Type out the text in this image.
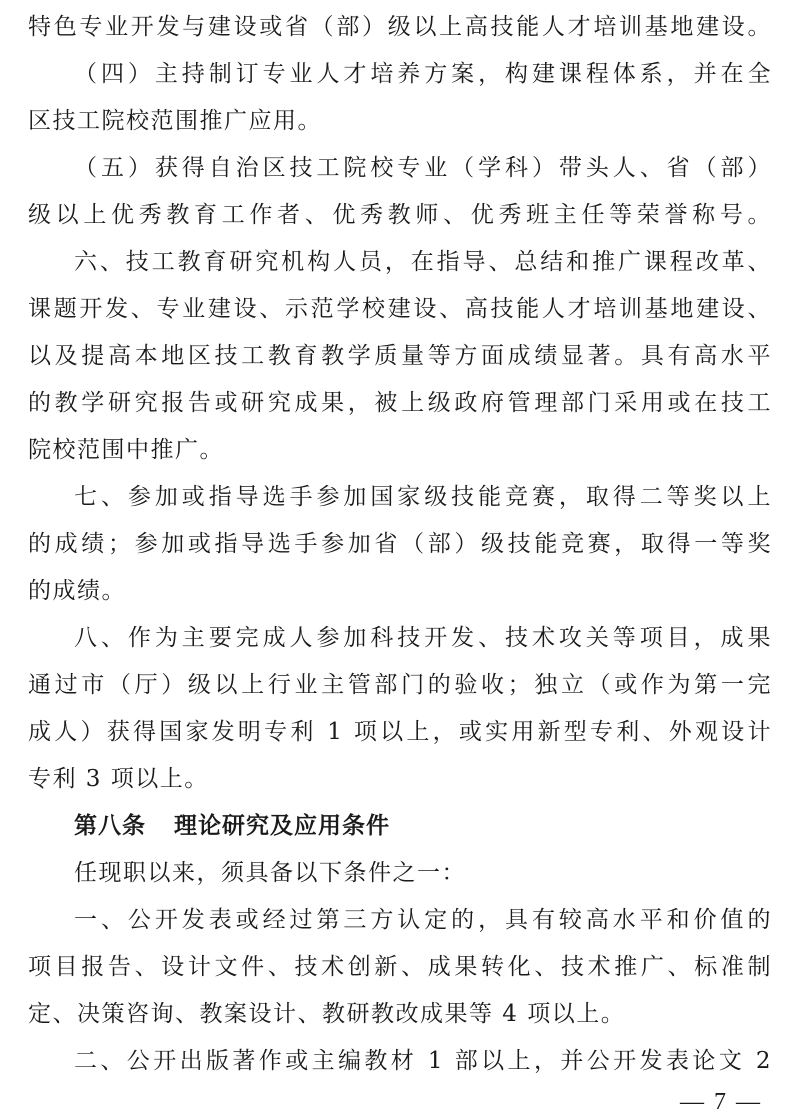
特色专业开发与建设或省（部）级以上高技能人才培训基地建设。
（四）主持制订专业人才培养方案，构建课程体系，并在全
区技工院校范围推广应用。
（五）获得自治区技工院校专业（学科）带头人、省（部）
级以上优秀教育工作者、优秀教师、优秀班主任等荣誉称号。
六、技工教育研究机构人员，在指导、总结和推广课程改革、
课题开发、专业建设、示范学校建设、高技能人才培训基地建设、
以及提高本地区技工教育教学质量等方面成绩显著。具有高水平
的教学研究报告或研究成果，被上级政府管理部门采用或在技工
院校范围中推广。
七、参加或指导选手参加国家级技能竞赛，取得二等奖以上
的成绩；参加或指导选手参加省（部）级技能竞赛，取得一等奖
的成绩。
八、作为主要完成人参加科技开发、技术攻关等项目，成果
通过市（厅）级以上行业主管部门的验收；独立（或作为第一完
成人）获得国家发明专利 1 项以上，或实用新型专利、外观设计
专利 3 项以上。
第八条 理论研究及应用条件
任现职以来，须具备以下条件之一：
一、公开发表或经过第三方认定的，具有较高水平和价值的
项目报告、设计文件、技术创新、成果转化、技术推广、标准制
定、决策咨询、教案设计、教研教改成果等 4 项以上。
二、公开出版著作或主编教材 1 部以上，并公开发表论文 2
— 7 —
